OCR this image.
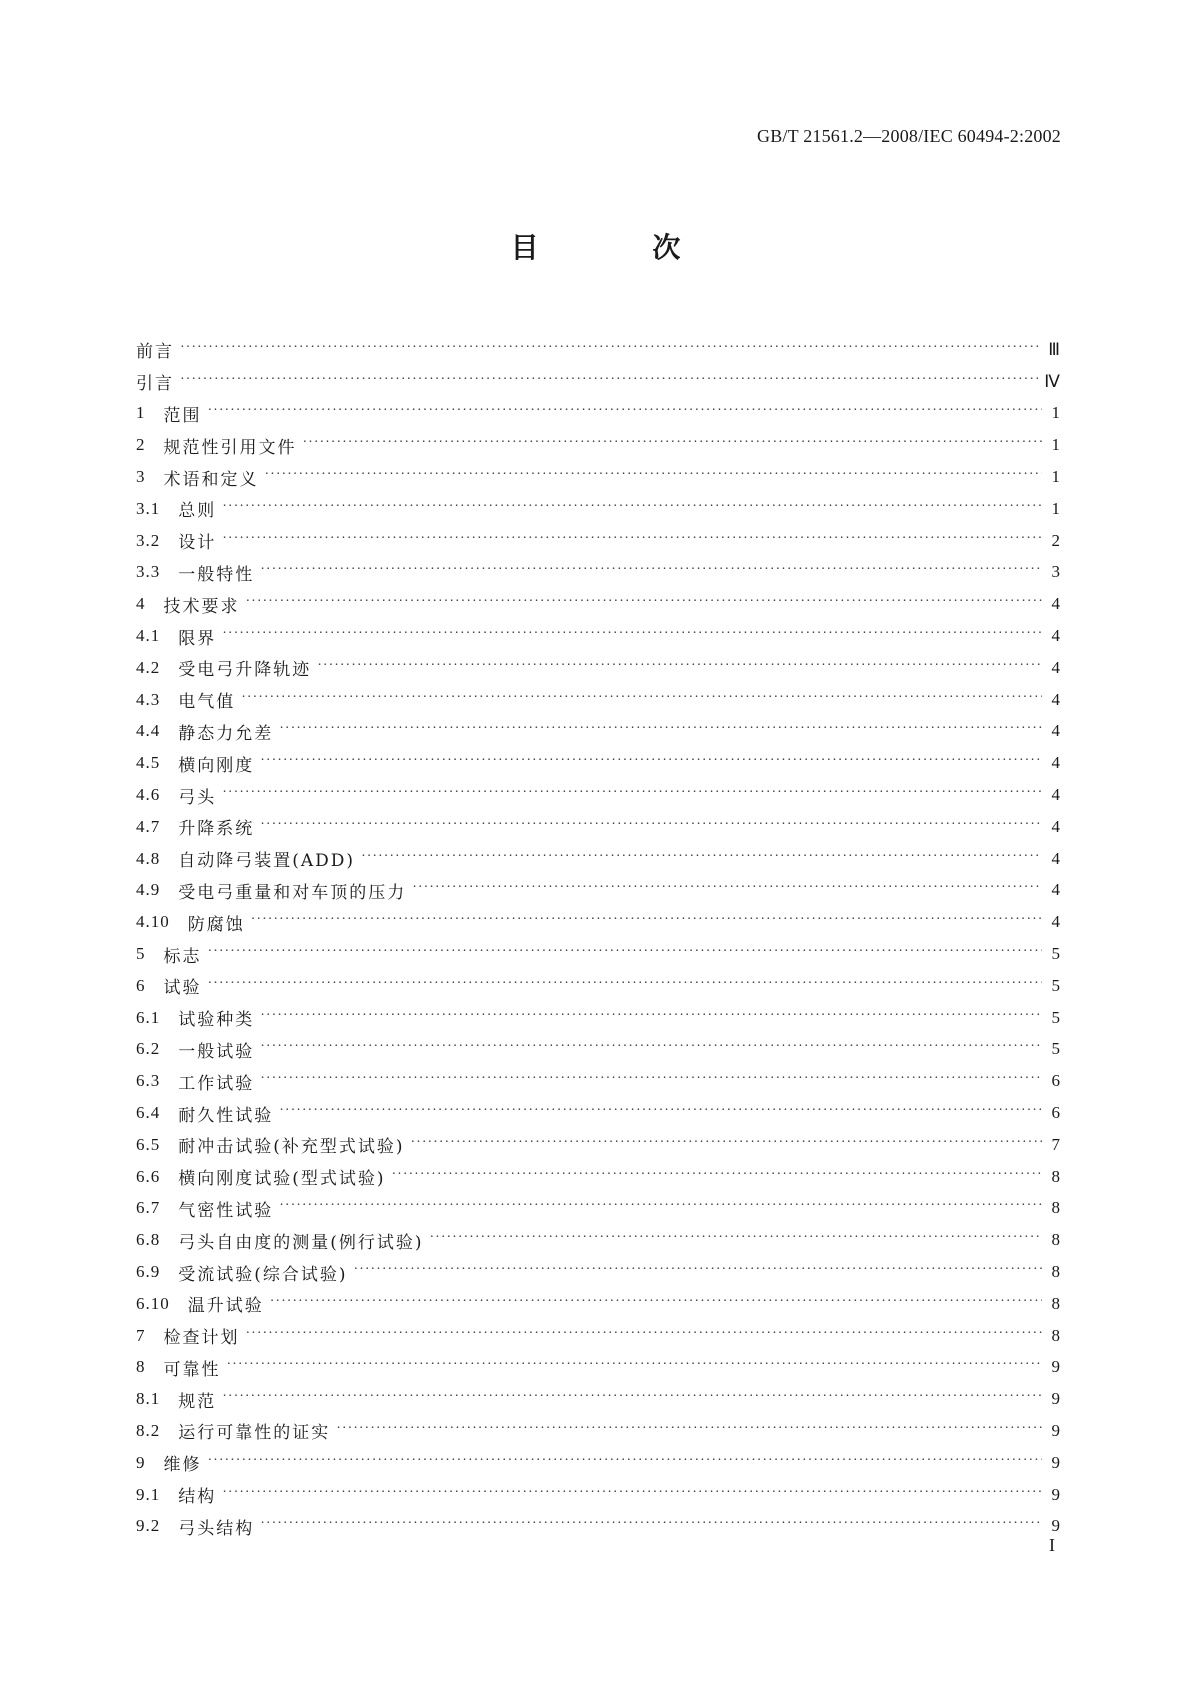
GB/T 21561.2—2008/IEC 60494-2:2002
目 次
前言 ·····	Ⅲ
引言 ·····	Ⅳ
1 范围 ·····	1
2 规范性引用文件 ·····	1
3 术语和定义 ·····	1
3.1 总则 ·····	1
3.2 设计 ·····	2
3.3 一般特性 ·····	3
4 技术要求 ·····	4
4.1 限界 ·····	4
4.2 受电弓升降轨迹 ·····	4
4.3 电气值 ·····	4
4.4 静态力允差 ·····	4
4.5 横向刚度 ·····	4
4.6 弓头 ·····	4
4.7 升降系统 ·····	4
4.8 自动降弓装置(ADD) ·····	4
4.9 受电弓重量和对车顶的压力 ·····	4
4.10 防腐蚀 ·····	4
5 标志 ·····	5
6 试验 ·····	5
6.1 试验种类 ·····	5
6.2 一般试验 ·····	5
6.3 工作试验 ·····	6
6.4 耐久性试验 ·····	6
6.5 耐冲击试验(补充型式试验) ·····	7
6.6 横向刚度试验(型式试验) ·····	8
6.7 气密性试验 ·····	8
6.8 弓头自由度的测量(例行试验) ·····	8
6.9 受流试验(综合试验) ·····	8
6.10 温升试验 ·····	8
7 检查计划 ·····	8
8 可靠性 ·····	9
8.1 规范 ·····	9
8.2 运行可靠性的证实 ·····	9
9 维修 ·····	9
9.1 结构 ·····	9
9.2 弓头结构 ·····	9
I
